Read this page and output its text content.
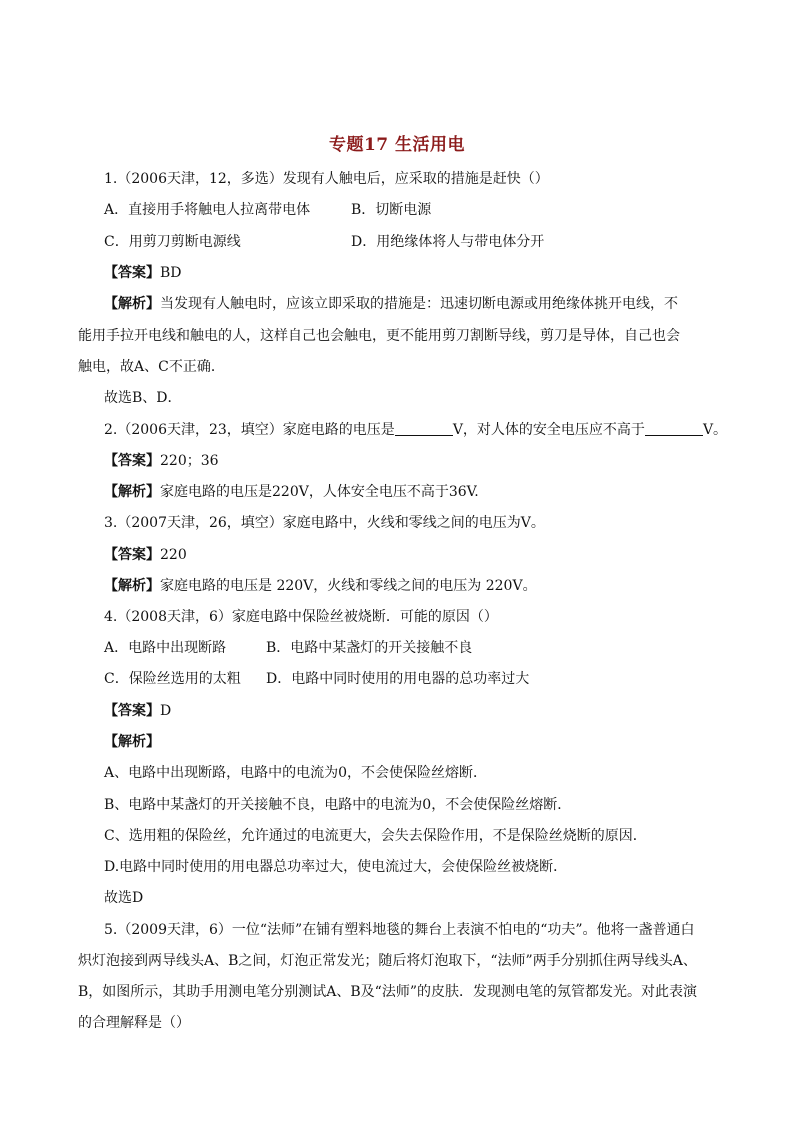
专题17 生活用电
1.（2006天津，12，多选）发现有人触电后，应采取的措施是赶快（）
A．直接用手将触电人拉离带电体	B．切断电源
C．用剪刀剪断电源线	D．用绝缘体将人与带电体分开
【答案】BD
【解析】当发现有人触电时，应该立即采取的措施是：迅速切断电源或用绝缘体挑开电线，不
能用手拉开电线和触电的人，这样自己也会触电，更不能用剪刀割断导线，剪刀是导体，自己也会
触电，故A、C不正确．
故选B、D．
2.（2006天津，23，填空）家庭电路的电压是	V，对人体的安全电压应不高于	V。
【答案】220；36
【解析】家庭电路的电压是220V，人体安全电压不高于36V.
3.（2007天津，26，填空）家庭电路中，火线和零线之间的电压为V。
【答案】220
【解析】家庭电路的电压是 220V，火线和零线之间的电压为 220V。
4.（2008天津，6）家庭电路中保险丝被烧断．可能的原因（）
A．电路中出现断路	B．电路中某盏灯的开关接触不良
C．保险丝选用的太粗 D．电路中同时使用的用电器的总功率过大
【答案】D
【解析】
A、电路中出现断路，电路中的电流为0，不会使保险丝熔断．
B、电路中某盏灯的开关接触不良，电路中的电流为0，不会使保险丝熔断．
C、选用粗的保险丝，允许通过的电流更大，会失去保险作用，不是保险丝烧断的原因．
D.电路中同时使用的用电器总功率过大，使电流过大，会使保险丝被烧断．
故选D
5.（2009天津，6）一位“法师”在铺有塑料地毯的舞台上表演不怕电的“功夫”。他将一盏普通白
炽灯泡接到两导线头A、B之间，灯泡正常发光；随后将灯泡取下，“法师”两手分别抓住两导线头A、
B，如图所示，其助手用测电笔分别测试A、B及“法师”的皮肤．发现测电笔的氖管都发光。对此表演
的合理解释是（）
